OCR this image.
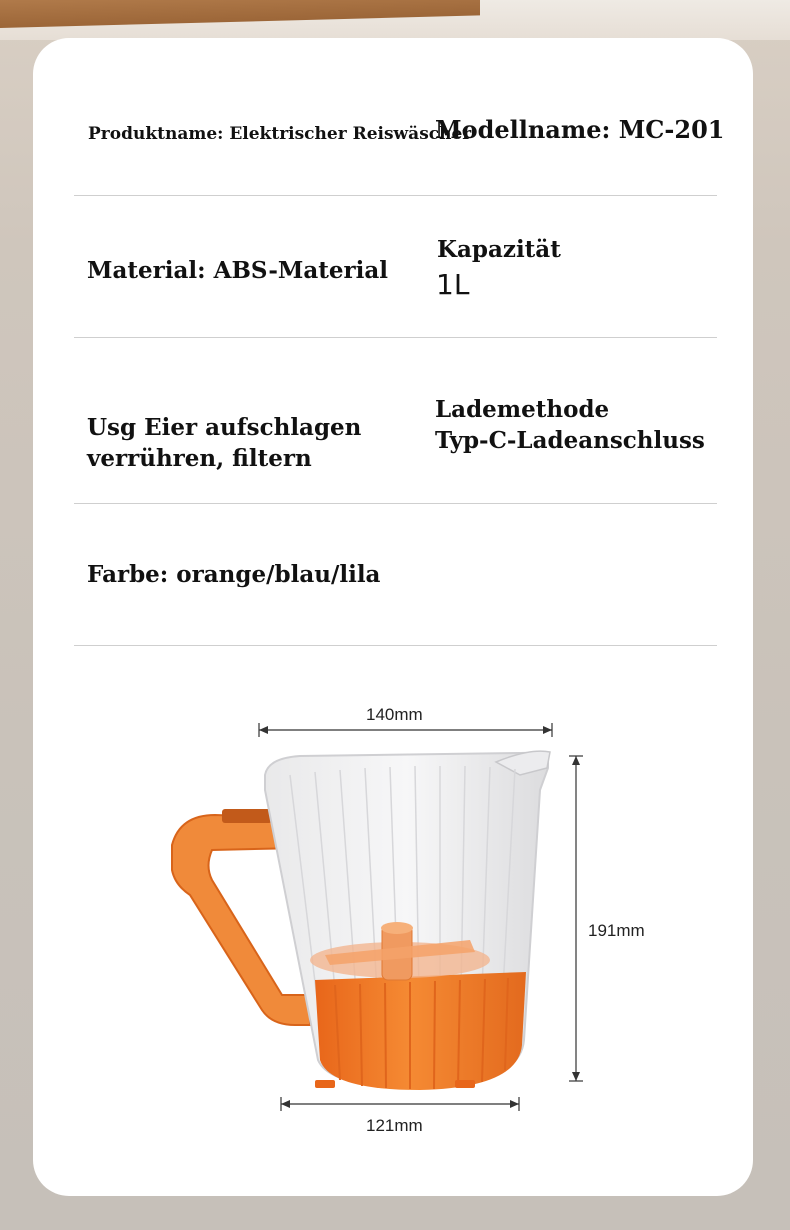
Produktname: Elektrischer Reiswäscher
Modellname: MC-201
Material: ABS-Material
Kapazität
1L
Usg Eier aufschlagen
verrühren, filtern
Lademethode
Typ-C-Ladeanschluss
Farbe: orange/blau/lila
140mm
191mm
121mm
